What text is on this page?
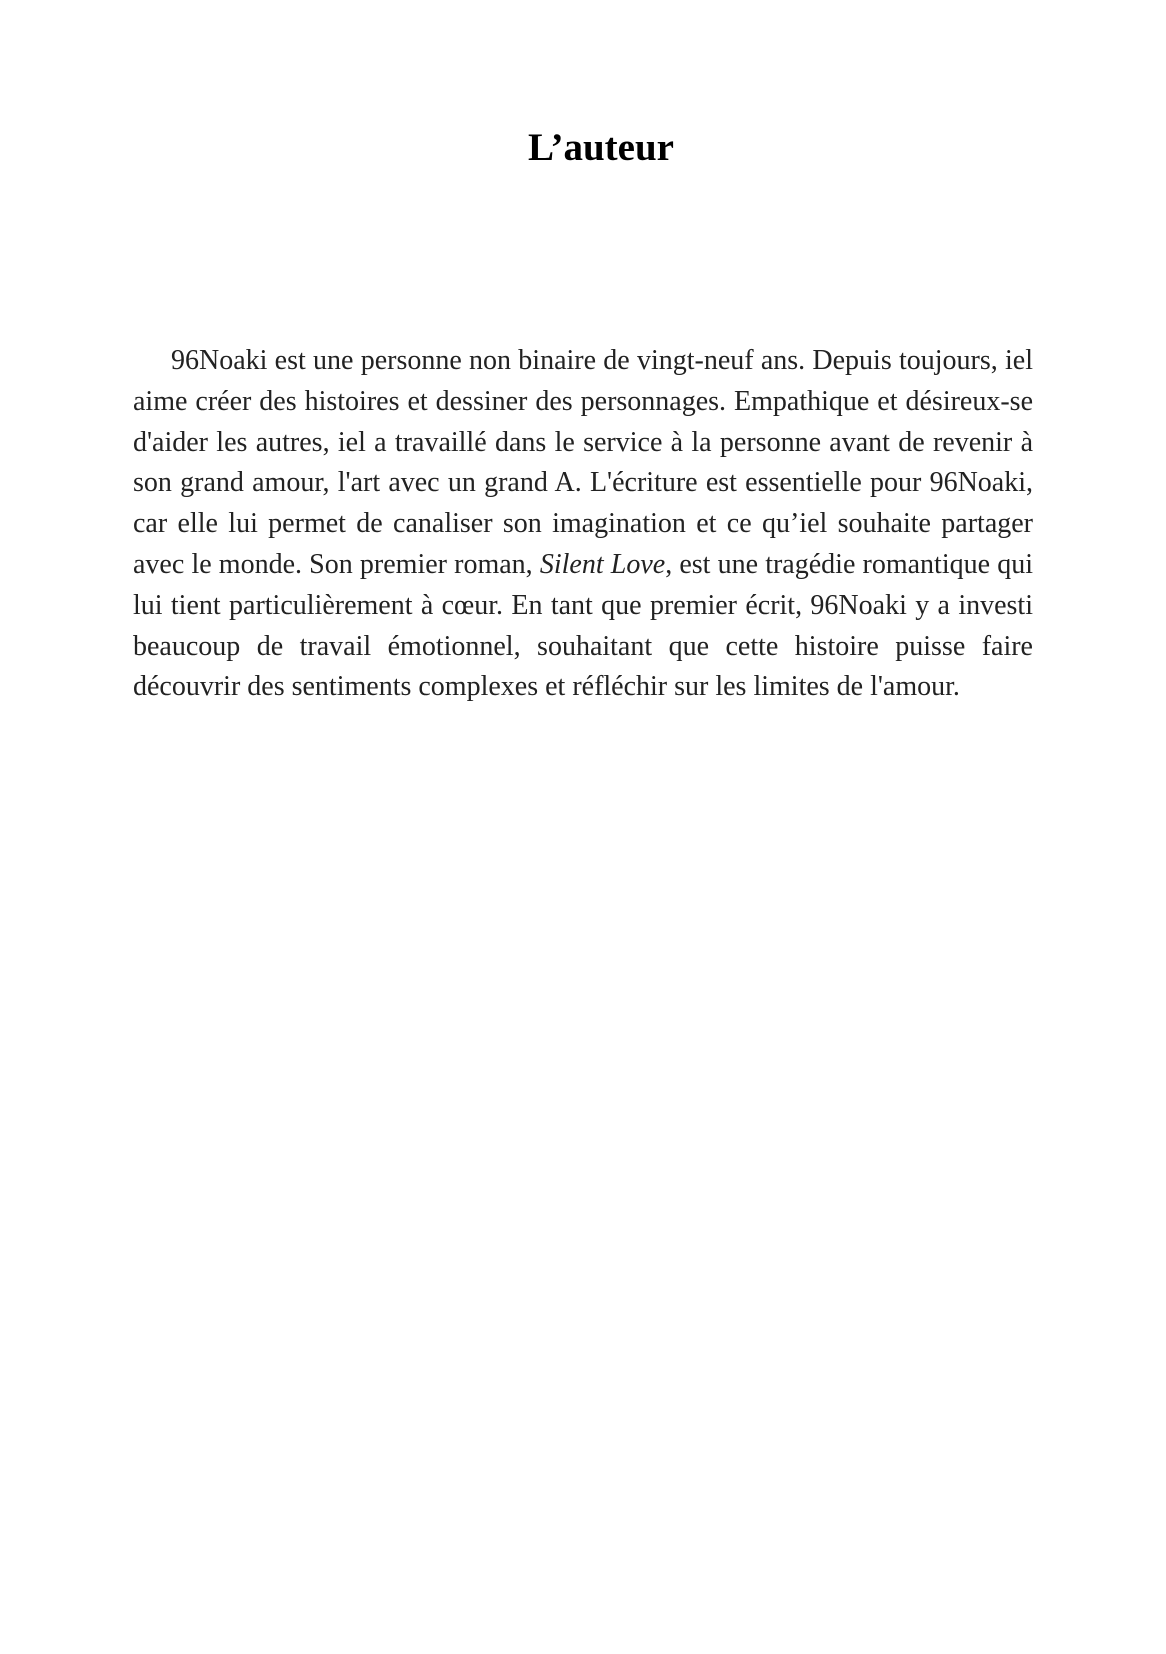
L’auteur

96Noaki est une personne non binaire de vingt-neuf ans. Depuis toujours, iel aime créer des histoires et dessiner des personnages. Empathique et désireux-se d'aider les autres, iel a travaillé dans le service à la personne avant de revenir à son grand amour, l'art avec un grand A. L'écriture est essentielle pour 96Noaki, car elle lui permet de canaliser son imagination et ce qu’iel souhaite partager avec le monde. Son premier roman, Silent Love, est une tragédie romantique qui lui tient particulièrement à cœur. En tant que premier écrit, 96Noaki y a investi beaucoup de travail émotionnel, souhaitant que cette histoire puisse faire découvrir des sentiments complexes et réfléchir sur les limites de l'amour.
